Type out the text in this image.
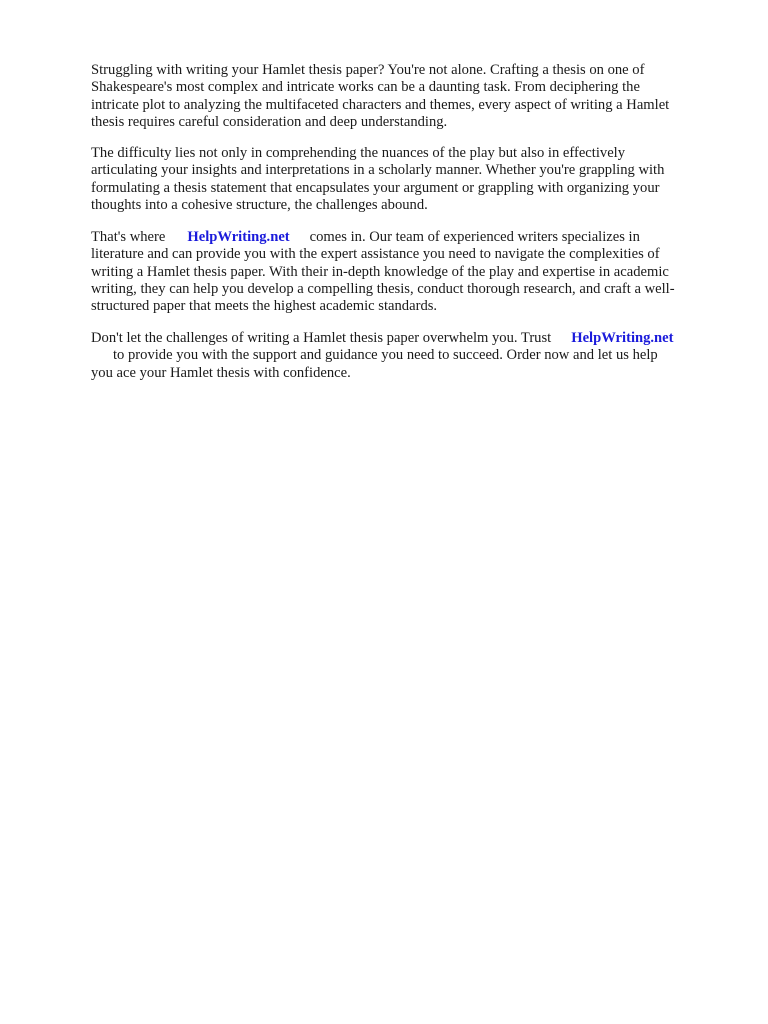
Struggling with writing your Hamlet thesis paper? You're not alone. Crafting a thesis on one of
Shakespeare's most complex and intricate works can be a daunting task. From deciphering the
intricate plot to analyzing the multifaceted characters and themes, every aspect of writing a Hamlet
thesis requires careful consideration and deep understanding.

The difficulty lies not only in comprehending the nuances of the play but also in effectively
articulating your insights and interpretations in a scholarly manner. Whether you're grappling with
formulating a thesis statement that encapsulates your argument or grappling with organizing your
thoughts into a cohesive structure, the challenges abound.

That's where HelpWriting.net comes in. Our team of experienced writers specializes in
literature and can provide you with the expert assistance you need to navigate the complexities of
writing a Hamlet thesis paper. With their in-depth knowledge of the play and expertise in academic
writing, they can help you develop a compelling thesis, conduct thorough research, and craft a well-
structured paper that meets the highest academic standards.

Don't let the challenges of writing a Hamlet thesis paper overwhelm you. Trust HelpWriting.net
to provide you with the support and guidance you need to succeed. Order now and let us help
you ace your Hamlet thesis with confidence.
